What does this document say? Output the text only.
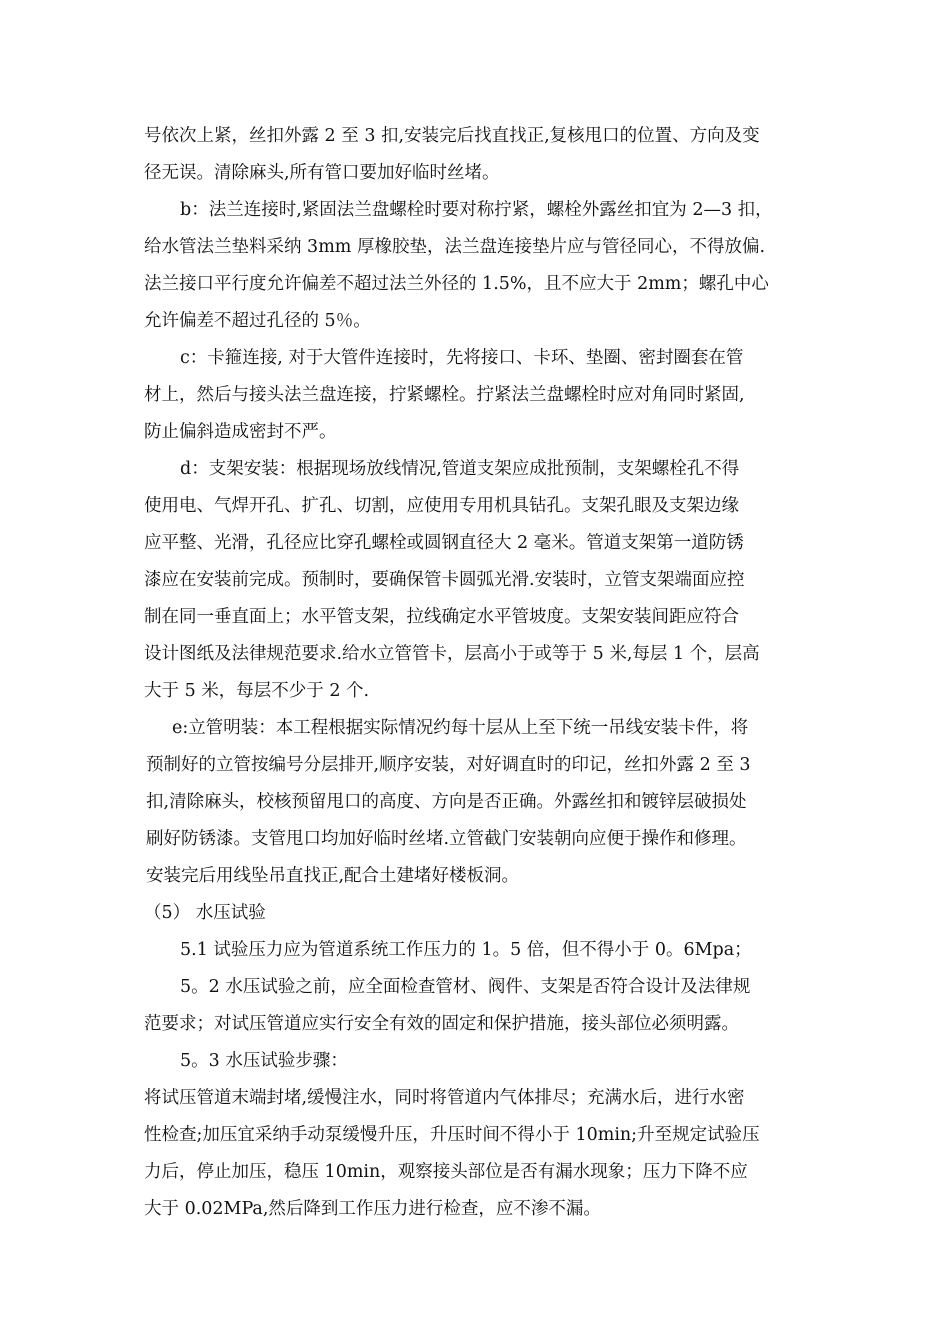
号依次上紧，丝扣外露 2 至 3 扣,安装完后找直找正,复核甩口的位置、方向及变
径无误。清除麻头,所有管口要加好临时丝堵。
b：法兰连接时,紧固法兰盘螺栓时要对称拧紧，螺栓外露丝扣宜为 2—3 扣，
给水管法兰垫料采纳 3mm 厚橡胶垫，法兰盘连接垫片应与管径同心，不得放偏.
法兰接口平行度允许偏差不超过法兰外径的 1.5%，且不应大于 2mm；螺孔中心
允许偏差不超过孔径的 5％。
c：卡箍连接, 对于大管件连接时，先将接口、卡环、垫圈、密封圈套在管
材上，然后与接头法兰盘连接，拧紧螺栓。拧紧法兰盘螺栓时应对角同时紧固,
防止偏斜造成密封不严。
d：支架安装：根据现场放线情况,管道支架应成批预制，支架螺栓孔不得
使用电、气焊开孔、扩孔、切割，应使用专用机具钻孔。支架孔眼及支架边缘
应平整、光滑，孔径应比穿孔螺栓或圆钢直径大 2 毫米。管道支架第一道防锈
漆应在安装前完成。预制时，要确保管卡圆弧光滑.安装时，立管支架端面应控
制在同一垂直面上；水平管支架，拉线确定水平管坡度。支架安装间距应符合
设计图纸及法律规范要求.给水立管管卡，层高小于或等于 5 米,每层 1 个，层高
大于 5 米，每层不少于 2 个.
e:立管明装：本工程根据实际情况约每十层从上至下统一吊线安装卡件，将
预制好的立管按编号分层排开,顺序安装，对好调直时的印记，丝扣外露 2 至 3
扣,清除麻头，校核预留甩口的高度、方向是否正确。外露丝扣和镀锌层破损处
刷好防锈漆。支管甩口均加好临时丝堵.立管截门安装朝向应便于操作和修理。
安装完后用线坠吊直找正,配合土建堵好楼板洞。
（5） 水压试验
5.1 试验压力应为管道系统工作压力的 1。5 倍，但不得小于 0。6Mpa；
5。2 水压试验之前，应全面检查管材、阀件、支架是否符合设计及法律规
范要求；对试压管道应实行安全有效的固定和保护措施，接头部位必须明露。
5。3 水压试验步骤：
将试压管道末端封堵,缓慢注水，同时将管道内气体排尽；充满水后，进行水密
性检查;加压宜采纳手动泵缓慢升压，升压时间不得小于 10min;升至规定试验压
力后，停止加压，稳压 10min，观察接头部位是否有漏水现象；压力下降不应
大于 0.02MPa,然后降到工作压力进行检查，应不渗不漏。
